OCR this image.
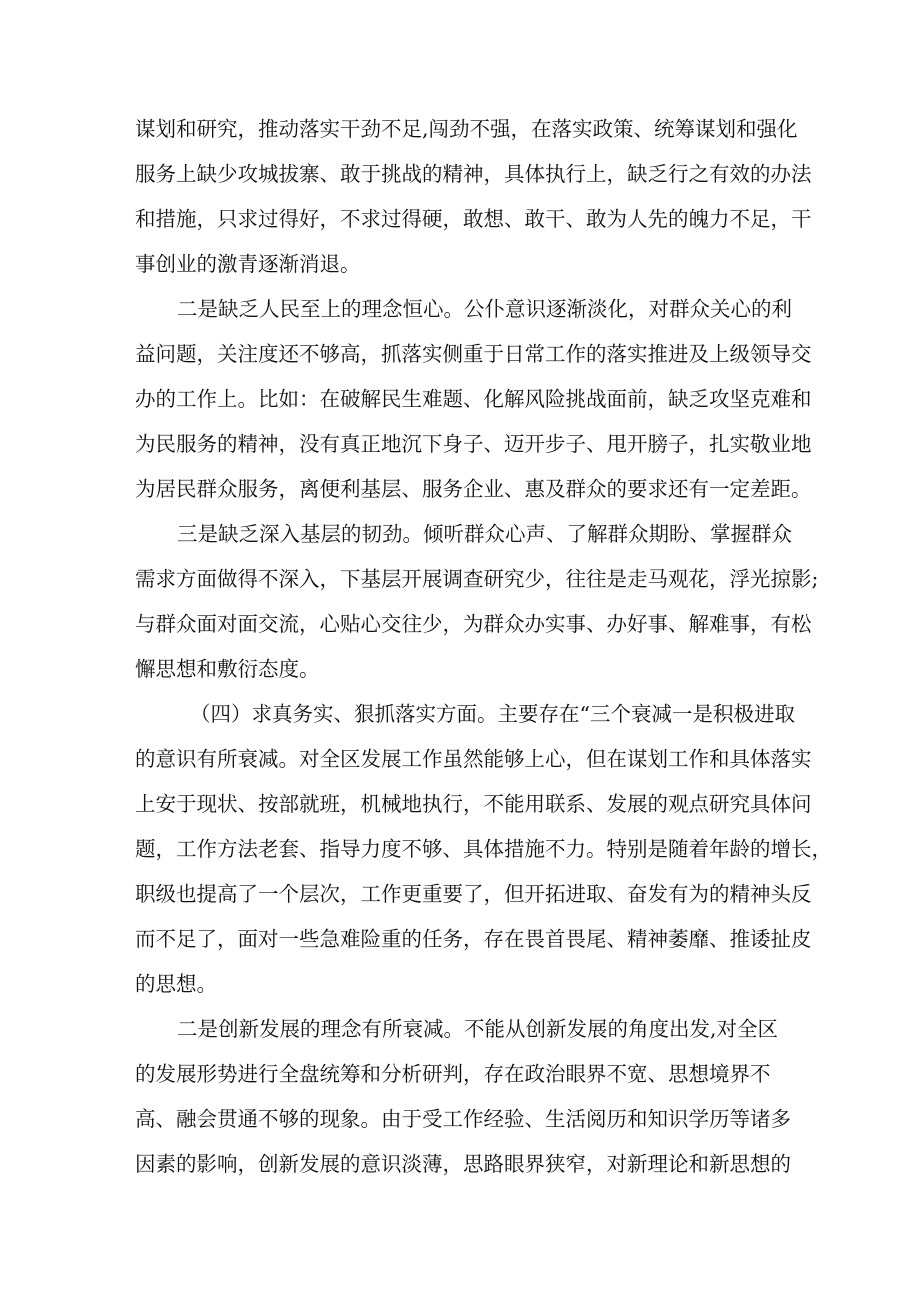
谋划和研究，推动落实干劲不足,闯劲不强，在落实政策、统筹谋划和强化
服务上缺少攻城拔寨、敢于挑战的精神，具体执行上，缺乏行之有效的办法
和措施，只求过得好，不求过得硬，敢想、敢干、敢为人先的魄力不足，干
事创业的激青逐渐消退。
二是缺乏人民至上的理念恒心。公仆意识逐渐淡化，对群众关心的利
益问题，关注度还不够高，抓落实侧重于日常工作的落实推进及上级领导交
办的工作上。比如：在破解民生难题、化解风险挑战面前，缺乏攻坚克难和
为民服务的精神，没有真正地沉下身子、迈开步子、甩开膀子，扎实敬业地
为居民群众服务，离便利基层、服务企业、惠及群众的要求还有一定差距。
三是缺乏深入基层的韧劲。倾听群众心声、了解群众期盼、掌握群众
需求方面做得不深入，下基层开展调查研究少，往往是走马观花，浮光掠影;
与群众面对面交流，心贴心交往少，为群众办实事、办好事、解难事，有松
懈思想和敷衍态度。
（四）求真务实、狠抓落实方面。主要存在“三个衰减一是积极进取
的意识有所衰减。对全区发展工作虽然能够上心，但在谋划工作和具体落实
上安于现状、按部就班，机械地执行，不能用联系、发展的观点研究具体问
题，工作方法老套、指导力度不够、具体措施不力。特别是随着年龄的增长，
职级也提高了一个层次，工作更重要了，但开拓进取、奋发有为的精神头反
而不足了，面对一些急难险重的任务，存在畏首畏尾、精神萎靡、推诿扯皮
的思想。
二是创新发展的理念有所衰减。不能从创新发展的角度出发,对全区
的发展形势进行全盘统筹和分析研判，存在政治眼界不宽、思想境界不
高、融会贯通不够的现象。由于受工作经验、生活阅历和知识学历等诸多
因素的影响，创新发展的意识淡薄，思路眼界狭窄，对新理论和新思想的
